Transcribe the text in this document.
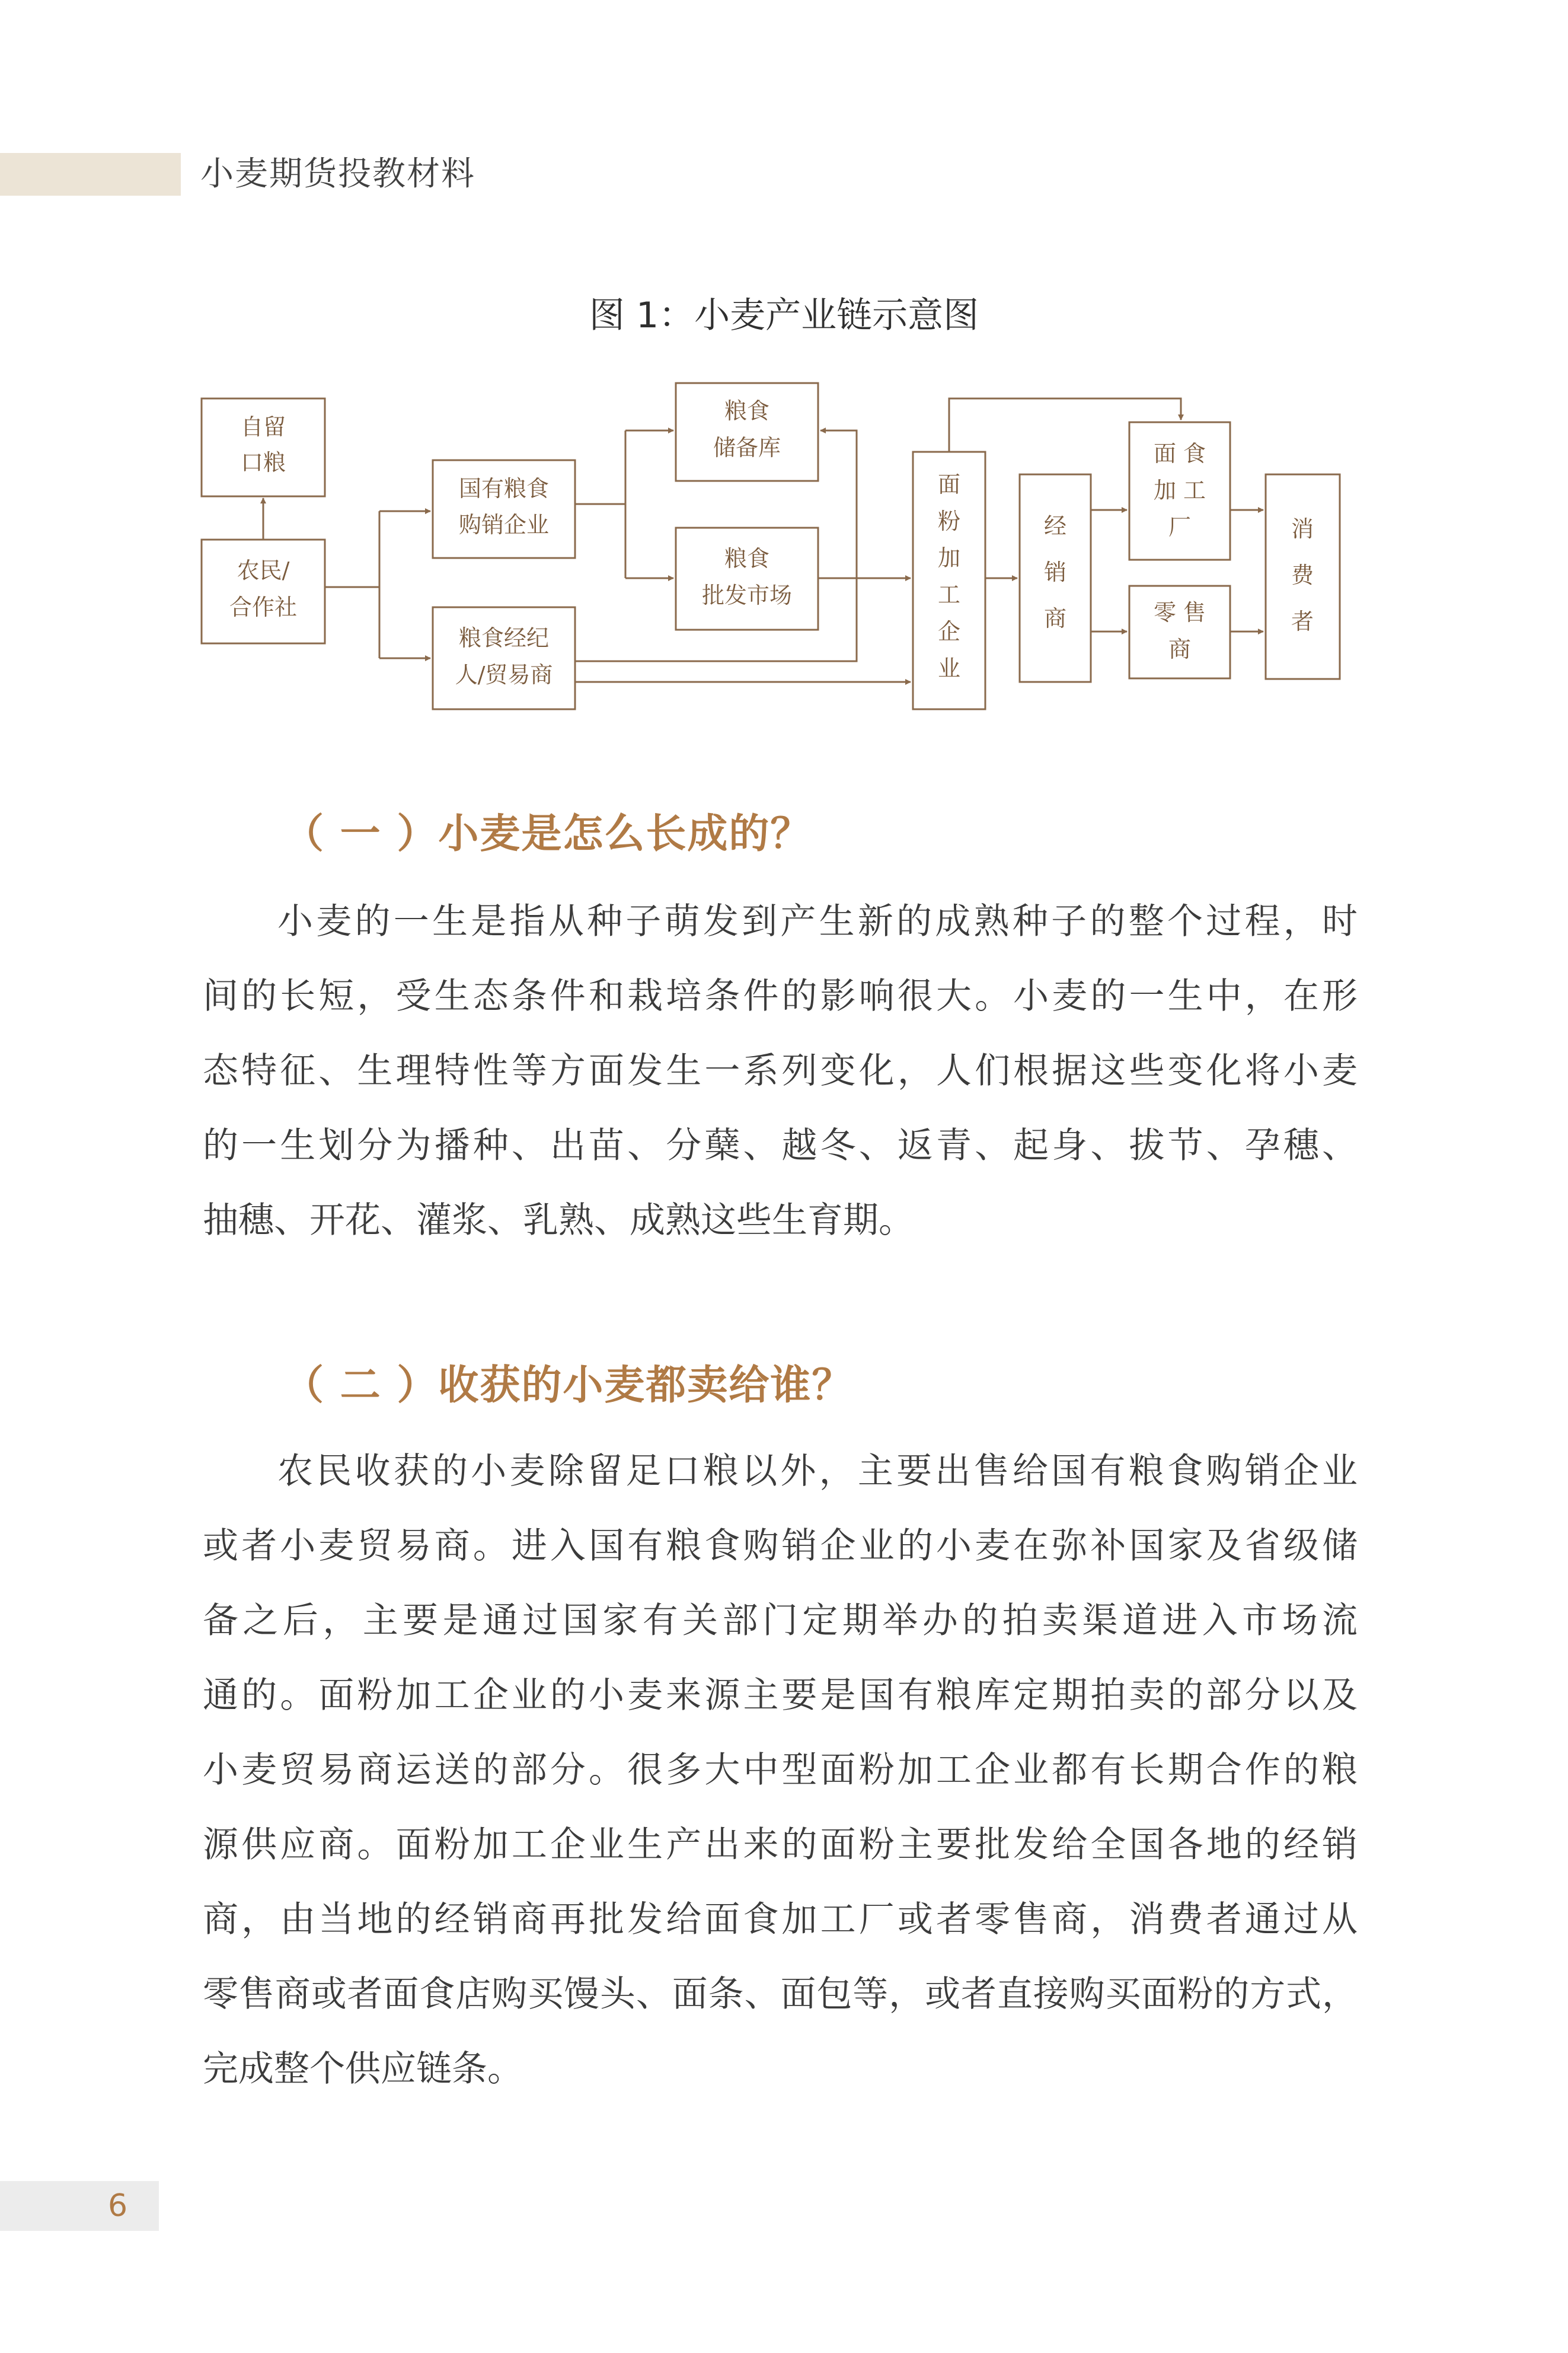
小麦期货投教材料
图 1：小麦产业链示意图
自留
口粮
农民/
合作社
国有粮食
购销企业
粮食经纪
人/贸易商
粮食
储备库
粮食
批发市场
面
粉
加
工
企
业
经
销
商
面 食
加 工
厂
零 售
商
消
费
者
（ 一 ）小麦是怎么长成的？
小麦的一生是指从种子萌发到产生新的成熟种子的整个过程，时
间的长短，受生态条件和栽培条件的影响很大。小麦的一生中，在形
态特征、生理特性等方面发生一系列变化，人们根据这些变化将小麦
的一生划分为播种、出苗、分蘖、越冬、返青、起身、拔节、孕穗、
抽穗、开花、灌浆、乳熟、成熟这些生育期。
（ 二 ）收获的小麦都卖给谁？
农民收获的小麦除留足口粮以外，主要出售给国有粮食购销企业
或者小麦贸易商。进入国有粮食购销企业的小麦在弥补国家及省级储
备之后，主要是通过国家有关部门定期举办的拍卖渠道进入市场流
通的。面粉加工企业的小麦来源主要是国有粮库定期拍卖的部分以及
小麦贸易商运送的部分。很多大中型面粉加工企业都有长期合作的粮
源供应商。面粉加工企业生产出来的面粉主要批发给全国各地的经销
商，由当地的经销商再批发给面食加工厂或者零售商，消费者通过从
零售商或者面食店购买馒头、面条、面包等，或者直接购买面粉的方式，
完成整个供应链条。
6
